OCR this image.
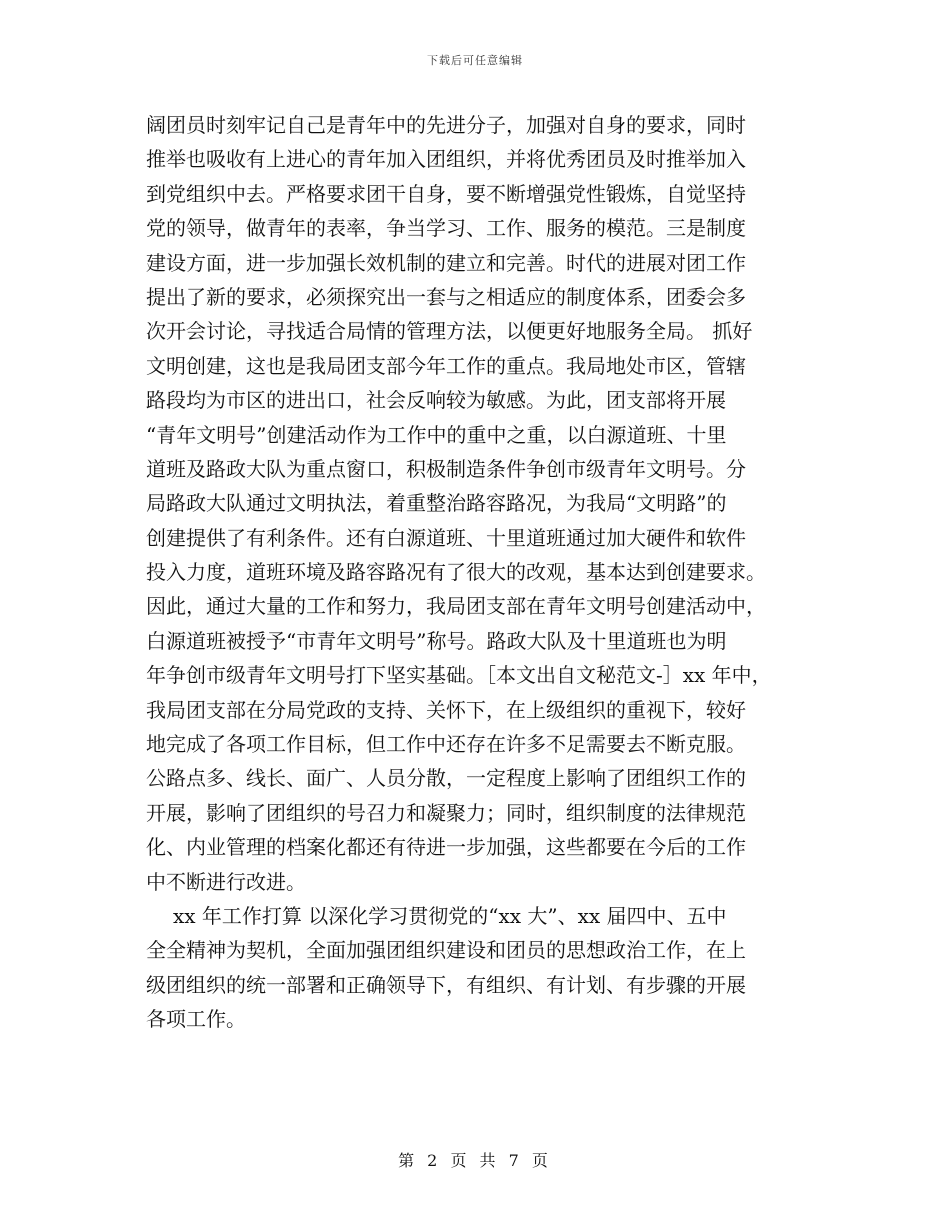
下载后可任意编辑
阔团员时刻牢记自己是青年中的先进分子，加强对自身的要求，同时
推举也吸收有上进心的青年加入团组织，并将优秀团员及时推举加入
到党组织中去。严格要求团干自身，要不断增强党性锻炼，自觉坚持
党的领导，做青年的表率，争当学习、工作、服务的模范。三是制度
建设方面，进一步加强长效机制的建立和完善。时代的进展对团工作
提出了新的要求，必须探究出一套与之相适应的制度体系，团委会多
次开会讨论，寻找适合局情的管理方法，以便更好地服务全局。 抓好
文明创建，这也是我局团支部今年工作的重点。我局地处市区，管辖
路段均为市区的进出口，社会反响较为敏感。为此，团支部将开展
“青年文明号”创建活动作为工作中的重中之重，以白源道班、十里
道班及路政大队为重点窗口，积极制造条件争创市级青年文明号。分
局路政大队通过文明执法，着重整治路容路况，为我局“文明路”的
创建提供了有利条件。还有白源道班、十里道班通过加大硬件和软件
投入力度，道班环境及路容路况有了很大的改观，基本达到创建要求。
因此，通过大量的工作和努力，我局团支部在青年文明号创建活动中，
白源道班被授予“市青年文明号”称号。路政大队及十里道班也为明
年争创市级青年文明号打下坚实基础。［本文出自文秘范文-］xx 年中，
我局团支部在分局党政的支持、关怀下，在上级组织的重视下，较好
地完成了各项工作目标，但工作中还存在许多不足需要去不断克服。
公路点多、线长、面广、人员分散，一定程度上影响了团组织工作的
开展，影响了团组织的号召力和凝聚力；同时，组织制度的法律规范
化、内业管理的档案化都还有待进一步加强，这些都要在今后的工作
中不断进行改进。
xx 年工作打算 以深化学习贯彻党的“xx 大”、xx 届四中、五中
全全精神为契机，全面加强团组织建设和团员的思想政治工作，在上
级团组织的统一部署和正确领导下，有组织、有计划、有步骤的开展
各项工作。
第 2 页 共 7 页
